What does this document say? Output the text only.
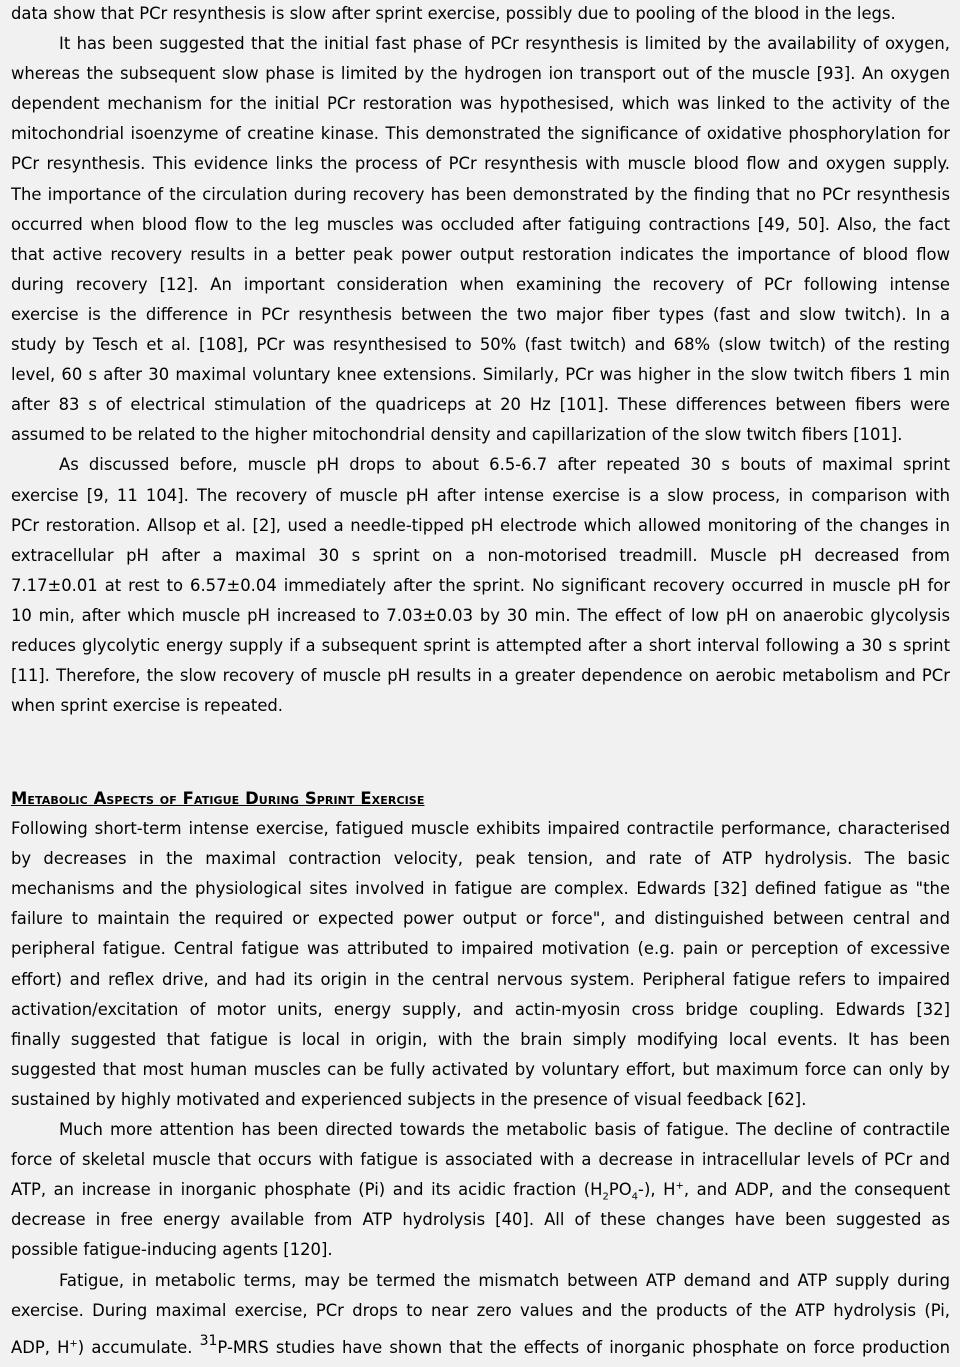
data show that PCr resynthesis is slow after sprint exercise, possibly due to pooling of the blood in the legs.
It has been suggested that the initial fast phase of PCr resynthesis is limited by the availability of oxygen,
whereas the subsequent slow phase is limited by the hydrogen ion transport out of the muscle [93]. An oxygen
dependent mechanism for the initial PCr restoration was hypothesised, which was linked to the activity of the
mitochondrial isoenzyme of creatine kinase. This demonstrated the significance of oxidative phosphorylation for
PCr resynthesis. This evidence links the process of PCr resynthesis with muscle blood flow and oxygen supply.
The importance of the circulation during recovery has been demonstrated by the finding that no PCr resynthesis
occurred when blood flow to the leg muscles was occluded after fatiguing contractions [49, 50]. Also, the fact
that active recovery results in a better peak power output restoration indicates the importance of blood flow
during recovery [12]. An important consideration when examining the recovery of PCr following intense
exercise is the difference in PCr resynthesis between the two major fiber types (fast and slow twitch). In a
study by Tesch et al. [108], PCr was resynthesised to 50% (fast twitch) and 68% (slow twitch) of the resting
level, 60 s after 30 maximal voluntary knee extensions. Similarly, PCr was higher in the slow twitch fibers 1 min
after 83 s of electrical stimulation of the quadriceps at 20 Hz [101]. These differences between fibers were
assumed to be related to the higher mitochondrial density and capillarization of the slow twitch fibers [101].
As discussed before, muscle pH drops to about 6.5-6.7 after repeated 30 s bouts of maximal sprint
exercise [9, 11 104]. The recovery of muscle pH after intense exercise is a slow process, in comparison with
PCr restoration. Allsop et al. [2], used a needle-tipped pH electrode which allowed monitoring of the changes in
extracellular pH after a maximal 30 s sprint on a non-motorised treadmill. Muscle pH decreased from
7.17±0.01 at rest to 6.57±0.04 immediately after the sprint. No significant recovery occurred in muscle pH for
10 min, after which muscle pH increased to 7.03±0.03 by 30 min. The effect of low pH on anaerobic glycolysis
reduces glycolytic energy supply if a subsequent sprint is attempted after a short interval following a 30 s sprint
[11]. Therefore, the slow recovery of muscle pH results in a greater dependence on aerobic metabolism and PCr
when sprint exercise is repeated.
Metabolic Aspects of Fatigue During Sprint Exercise
Following short-term intense exercise, fatigued muscle exhibits impaired contractile performance, characterised
by decreases in the maximal contraction velocity, peak tension, and rate of ATP hydrolysis. The basic
mechanisms and the physiological sites involved in fatigue are complex. Edwards [32] defined fatigue as "the
failure to maintain the required or expected power output or force", and distinguished between central and
peripheral fatigue. Central fatigue was attributed to impaired motivation (e.g. pain or perception of excessive
effort) and reflex drive, and had its origin in the central nervous system. Peripheral fatigue refers to impaired
activation/excitation of motor units, energy supply, and actin-myosin cross bridge coupling. Edwards [32]
finally suggested that fatigue is local in origin, with the brain simply modifying local events. It has been
suggested that most human muscles can be fully activated by voluntary effort, but maximum force can only by
sustained by highly motivated and experienced subjects in the presence of visual feedback [62].
Much more attention has been directed towards the metabolic basis of fatigue. The decline of contractile
force of skeletal muscle that occurs with fatigue is associated with a decrease in intracellular levels of PCr and
ATP, an increase in inorganic phosphate (Pi) and its acidic fraction $(H_2PO_4-)$, H+, and ADP, and the consequent
decrease in free energy available from ATP hydrolysis [40]. All of these changes have been suggested as
possible fatigue-inducing agents [120].
Fatigue, in metabolic terms, may be termed the mismatch between ATP demand and ATP supply during
exercise. During maximal exercise, PCr drops to near zero values and the products of the ATP hydrolysis (Pi,
ADP, H+) accumulate. 31P-MRS studies have shown that the effects of inorganic phosphate on force production
